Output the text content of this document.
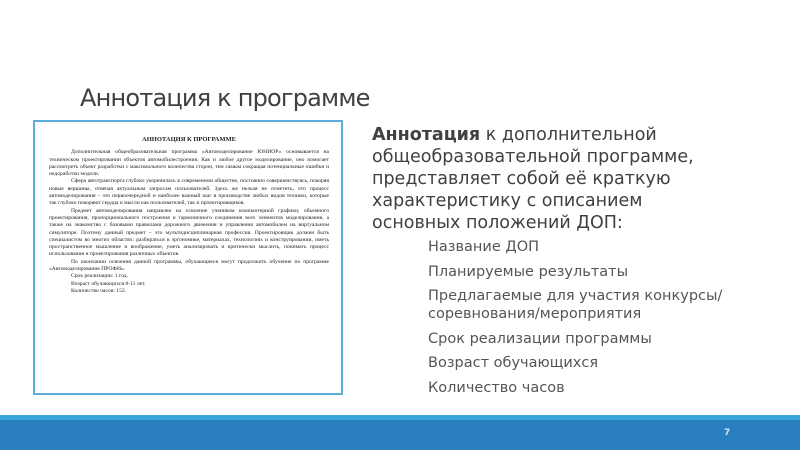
Аннотация к программе
АННОТАЦИЯ К ПРОГРАММЕ

Дополнительная общеобразовательная программа «Автомоделирование ЮНИОР» основывается на техническом проектировании объектов автомобилестроения. Как и любое другое моделирование, оно помогает рассмотреть объект разработки с максимального количества сторон, тем самым сокращая потенциальные ошибки и недоработки модели.

Сфера автотранспорта глубоко укоренилась в современном обществе, постоянно совершенствуясь, покоряя новые вершины, отвечая актуальным запросам пользователей. Здесь же нельзя не отметить, что процесс автомоделирования – это первоочередной и наиболее важный шаг в производстве любых видов техники, которые так глубоко покоряют сердца и мысли как пользователей, так и проектировщиков.

Предмет автомоделирования направлен на освоение учеником компьютерной графики, объемного проектирования, пропорционального построения и гармоничного соединения всех элементов моделирования, а также на знакомство с базовыми правилами дорожного движения и управления автомобилем на виртуальном симуляторе. Поэтому данный предмет – это мультидисциплинарная профессия. Проектировщик должен быть специалистом во многих областях: разбираться в эргономике, материалах, технологиях и конструировании, иметь пространственное мышление и воображение, уметь анализировать и критически мыслить, понимать процесс использования и проектирования различных объектов.

По окончании освоения данной программы, обучающиеся могут продолжить обучение по программе «Автомоделирование ПРОФИ».

Срок реализации: 1 год.

Возраст обучающихся 8-11 лет.

Количество часов: 152.

Аннотация к дополнительной общеобразовательной программе, представляет собой её краткую характеристику с описанием основных положений ДОП:
Название ДОП
Планируемые результаты
Предлагаемые для участия конкурсы/соревнования/мероприятия
Срок реализации программы
Возраст обучающихся
Количество часов
7
